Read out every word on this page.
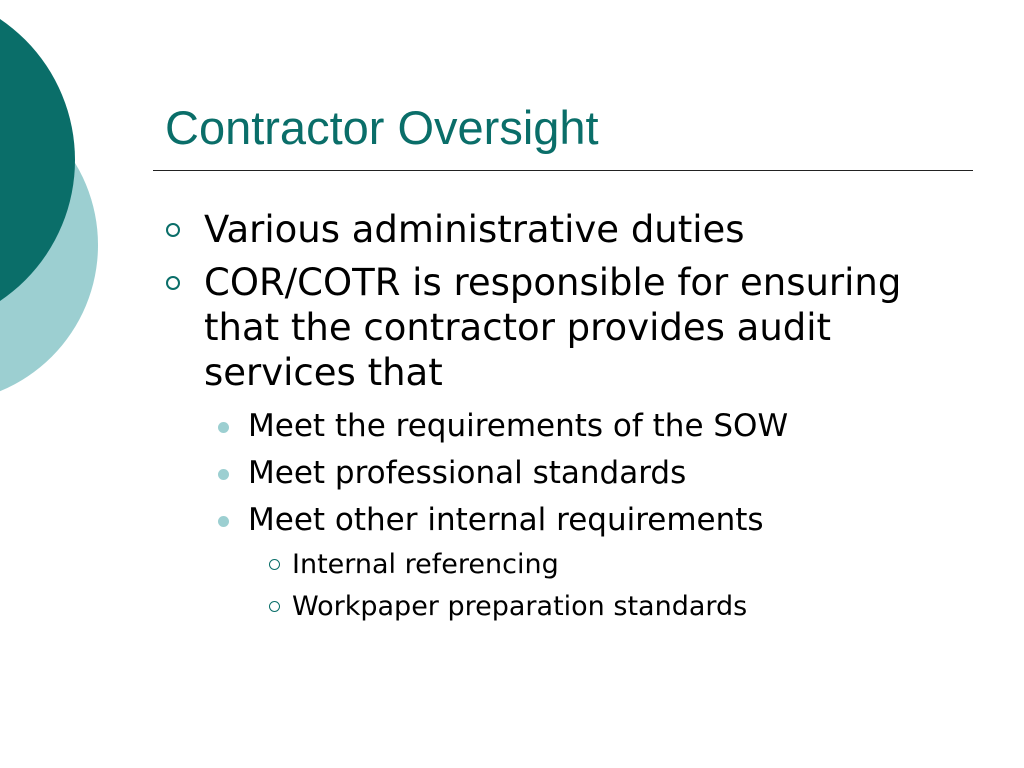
Contractor Oversight
Various administrative duties
COR/COTR is responsible for ensuring that the contractor provides audit services that
Meet the requirements of the SOW
Meet professional standards
Meet other internal requirements
Internal referencing
Workpaper preparation standards
